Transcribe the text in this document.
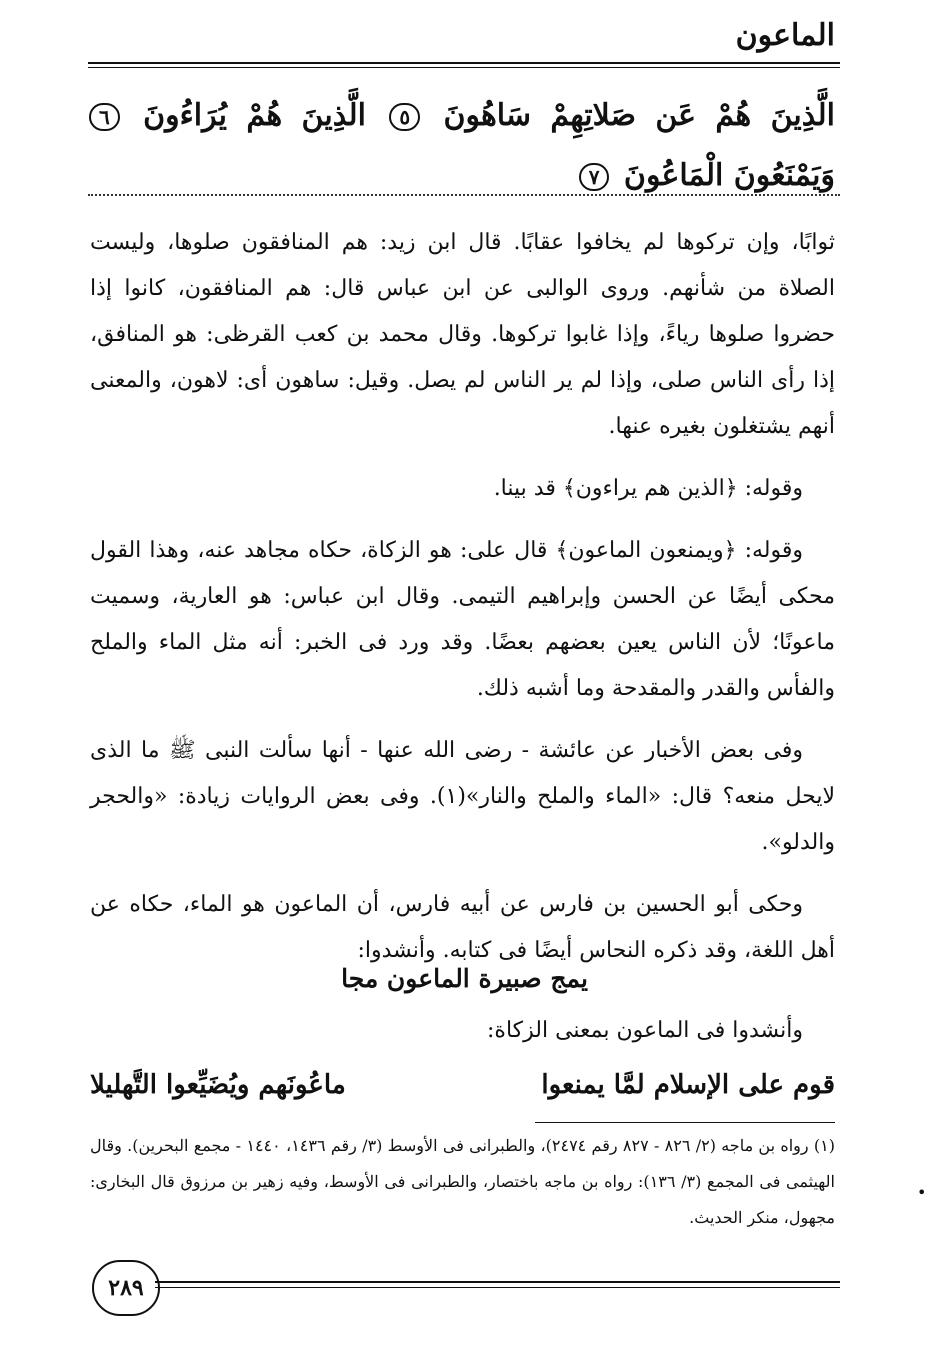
الماعون
الَّذِينَ هُمْ عَن صَلاتِهِمْ سَاهُونَ ٥ الَّذِينَ هُمْ يُرَاءُونَ ٦ وَيَمْنَعُونَ الْمَاعُونَ ٧

ثوابًا، وإن تركوها لم يخافوا عقابًا. قال ابن زيد: هم المنافقون صلوها، وليست الصلاة من شأنهم. وروى الوالبى عن ابن عباس قال: هم المنافقون، كانوا إذا حضروا صلوها رياءً، وإذا غابوا تركوها. وقال محمد بن كعب القرظى: هو المنافق، إذا رأى الناس صلى، وإذا لم ير الناس لم يصل. وقيل: ساهون أى: لاهون، والمعنى أنهم يشتغلون بغيره عنها.

وقوله: ﴿الذين هم يراءون﴾ قد بينا.

وقوله: ﴿ويمنعون الماعون﴾ قال على: هو الزكاة، حكاه مجاهد عنه، وهذا القول محكى أيضًا عن الحسن وإبراهيم التيمى. وقال ابن عباس: هو العارية، وسميت ماعونًا؛ لأن الناس يعين بعضهم بعضًا. وقد ورد فى الخبر: أنه مثل الماء والملح والفأس والقدر والمقدحة وما أشبه ذلك.

وفى بعض الأخبار عن عائشة - رضى الله عنها - أنها سألت النبى ﷺ ما الذى لايحل منعه؟ قال: «الماء والملح والنار»(١). وفى بعض الروايات زيادة: «والحجر والدلو».

وحكى أبو الحسين بن فارس عن أبيه فارس، أن الماعون هو الماء، حكاه عن أهل اللغة، وقد ذكره النحاس أيضًا فى كتابه. وأنشدوا:

يمج صبيرة الماعون مجا
وأنشدوا فى الماعون بمعنى الزكاة:
قوم على الإسلام لمَّا يمنعوا
ماعُونَهم ويُضَيِّعوا التَّهليلا
(١) رواه بن ماجه (٢/ ٨٢٦ - ٨٢٧ رقم ٢٤٧٤)، والطبرانى فى الأوسط (٣/ رقم ١٤٣٦، ١٤٤٠ - مجمع البحرين). وقال الهيثمى فى المجمع (٣/ ١٣٦): رواه بن ماجه باختصار، والطبرانى فى الأوسط، وفيه زهير بن مرزوق قال البخارى: مجهول، منكر الحديث.
•
٢٨٩
